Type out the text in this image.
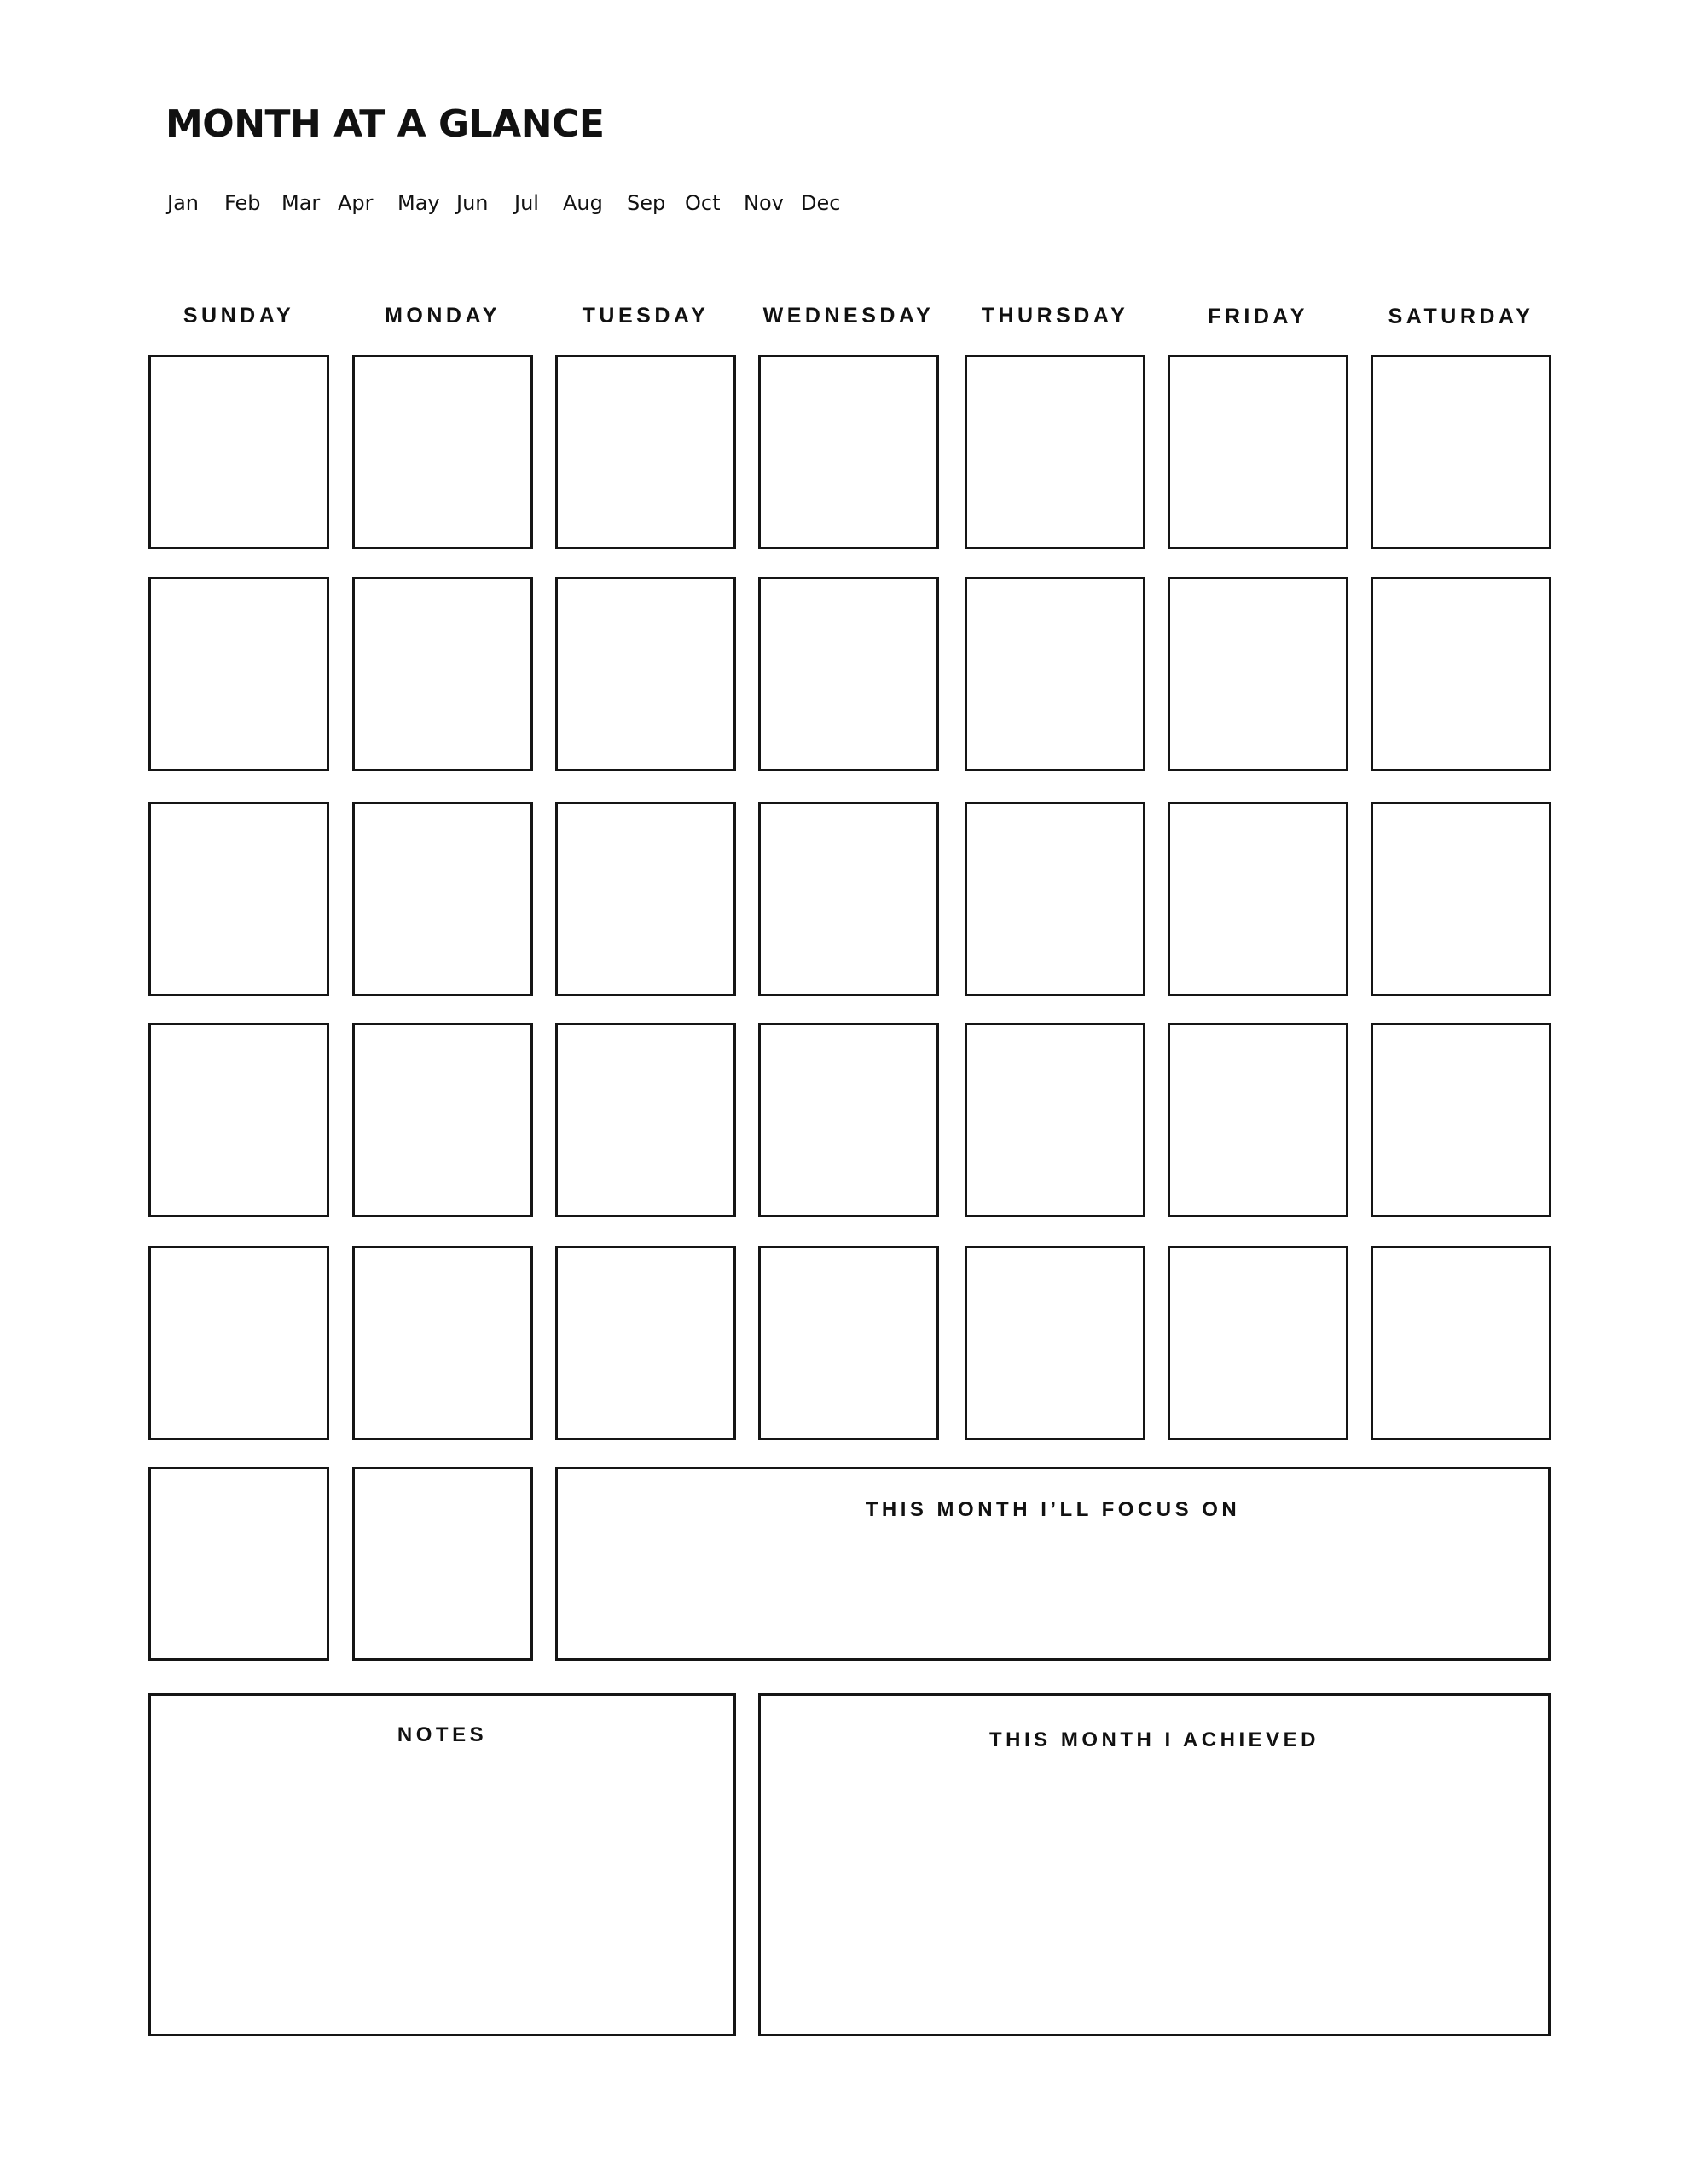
MONTH AT A GLANCE
Jan Feb Mar Apr May Jun Jul Aug Sep Oct Nov Dec
SUNDAY	MONDAY	TUESDAY	WEDNESDAY	THURSDAY	FRIDAY	SATURDAY
THIS MONTH I’LL FOCUS ON
NOTES	THIS MONTH I ACHIEVED
